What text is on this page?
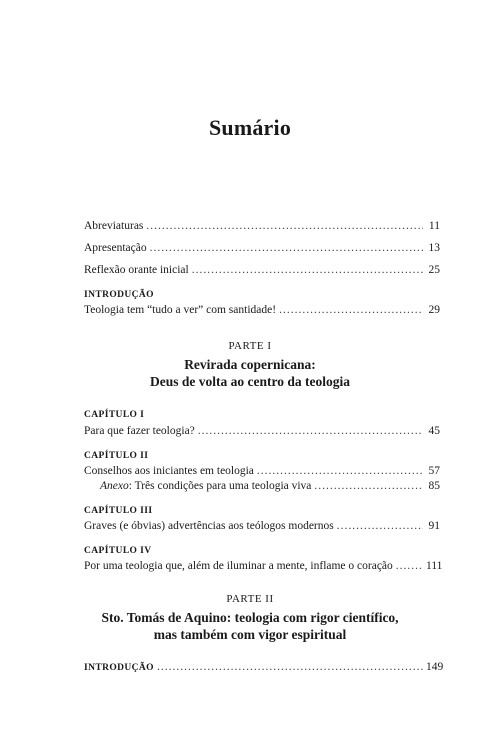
Sumário
Abreviaturas .....	11
Apresentação .....	13
Reflexão orante inicial .....	25
INTRODUÇÃO
Teologia tem “tudo a ver” com santidade! .....	29
CAPÍTULO I
Para que fazer teologia? .....	45
CAPÍTULO II
Conselhos aos iniciantes em teologia .....	57
Anexo: Três condições para uma teologia viva .....	85
CAPÍTULO III
Graves (e óbvias) advertências aos teólogos modernos .....	91
CAPÍTULO IV
Por uma teologia que, além de iluminar a mente, inflame o coração .....	111
INTRODUÇÃO .....	149
PARTE I
Revirada copernicana:
Deus de volta ao centro da teologia
PARTE II
Sto. Tomás de Aquino: teologia com rigor científico,
mas também com vigor espiritual
